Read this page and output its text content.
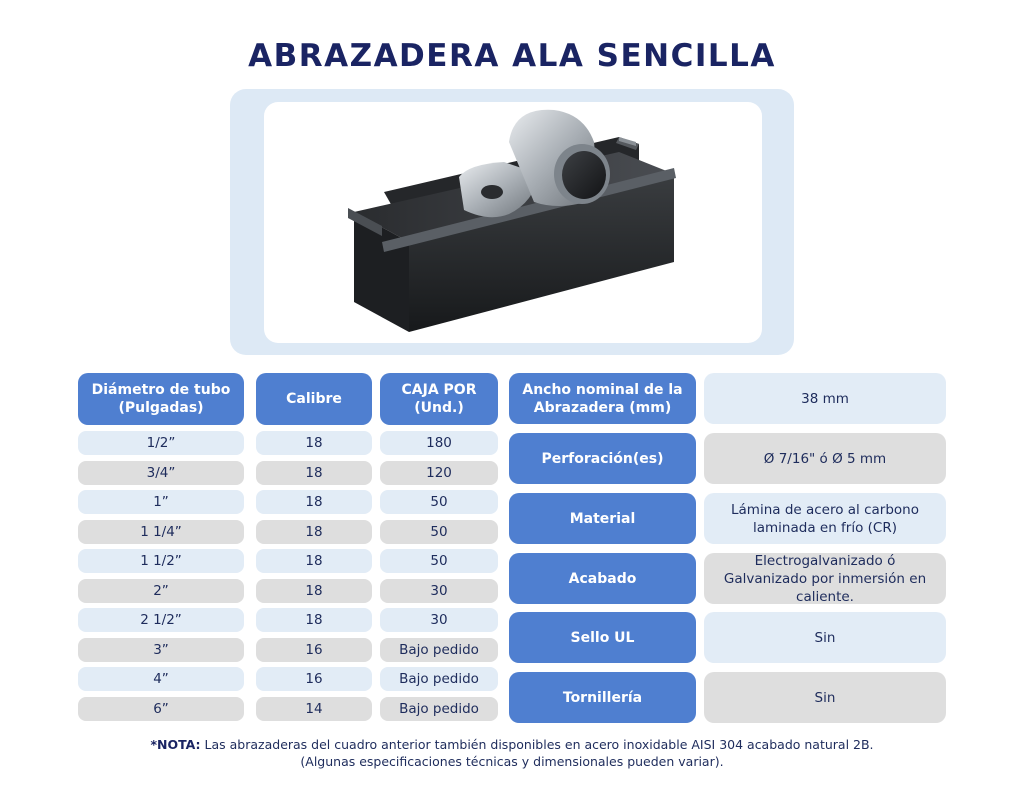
ABRAZADERA ALA SENCILLA
Diámetro de tubo (Pulgadas)
Calibre
CAJA POR (Und.)
1/2”	18	180
3/4”	18	120
1”	18	50
1 1/4”	18	50
1 1/2”	18	50
2”	18	30
2 1/2”	18	30
3”	16	Bajo pedido
4”	16	Bajo pedido
6”	14	Bajo pedido
Ancho nominal de la Abrazadera (mm)
38 mm
Perforación(es)	Ø 7/16" ó Ø 5 mm
Material
Lámina de acero al carbono laminada en frío (CR)
Acabado
Electrogalvanizado ó Galvanizado por inmersión en caliente.
Sello UL	Sin
Tornillería	Sin
*NOTA: Las abrazaderas del cuadro anterior también disponibles en acero inoxidable AISI 304 acabado natural 2B.
(Algunas especificaciones técnicas y dimensionales pueden variar).
